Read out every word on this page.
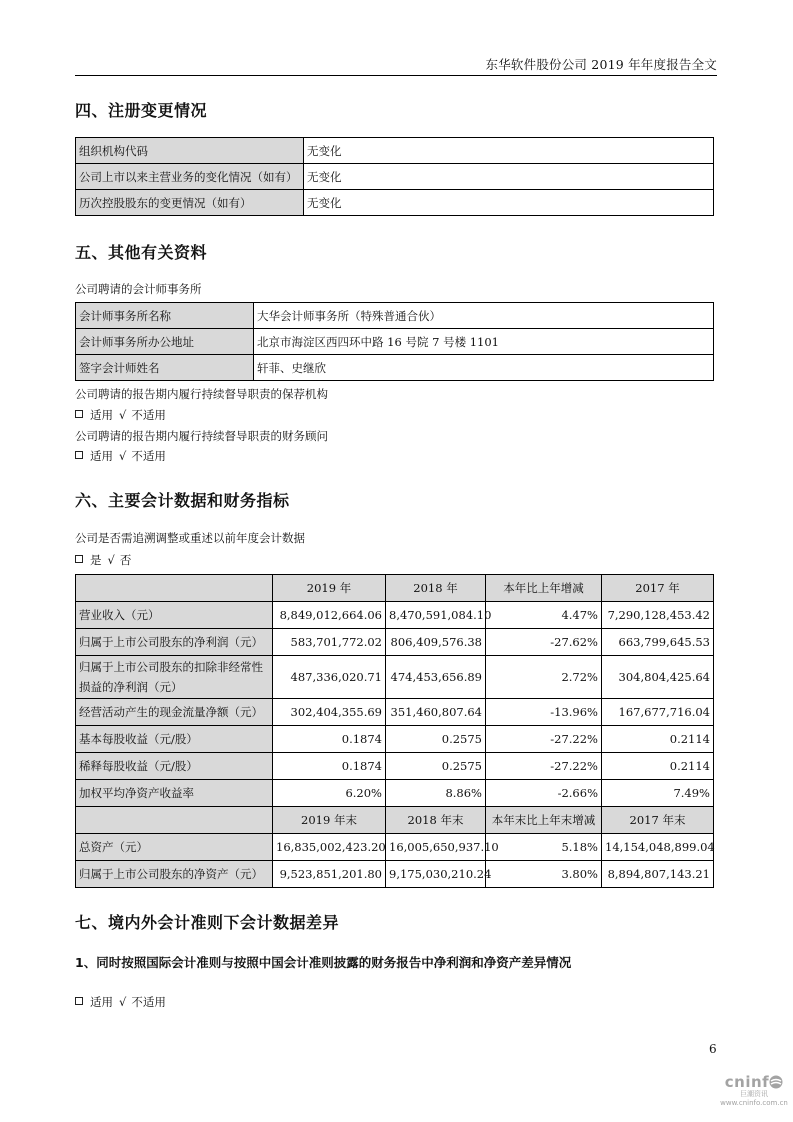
东华软件股份公司 2019 年年度报告全文
四、注册变更情况
组织机构代码	无变化
公司上市以来主营业务的变化情况（如有）	无变化
历次控股股东的变更情况（如有）	无变化
五、其他有关资料
公司聘请的会计师事务所
会计师事务所名称	大华会计师事务所（特殊普通合伙）
会计师事务所办公地址	北京市海淀区西四环中路 16 号院 7 号楼 1101
签字会计师姓名	轩菲、史继欣
公司聘请的报告期内履行持续督导职责的保荐机构
适用 √ 不适用
公司聘请的报告期内履行持续督导职责的财务顾问
适用 √ 不适用
六、主要会计数据和财务指标
公司是否需追溯调整或重述以前年度会计数据
是 √ 否
	2019 年	2018 年	本年比上年增减	2017 年
营业收入（元）	8,849,012,664.06	8,470,591,084.10	4.47%	7,290,128,453.42
归属于上市公司股东的净利润（元）	583,701,772.02	806,409,576.38	-27.62%	663,799,645.53
归属于上市公司股东的扣除非经常性损益的净利润（元）	487,336,020.71	474,453,656.89	2.72%	304,804,425.64
经营活动产生的现金流量净额（元）	302,404,355.69	351,460,807.64	-13.96%	167,677,716.04
基本每股收益（元/股）	0.1874	0.2575	-27.22%	0.2114
稀释每股收益（元/股）	0.1874	0.2575	-27.22%	0.2114
加权平均净资产收益率	6.20%	8.86%	-2.66%	7.49%
	2019 年末	2018 年末	本年末比上年末增减	2017 年末
总资产（元）	16,835,002,423.20	16,005,650,937.10	5.18%	14,154,048,899.04
归属于上市公司股东的净资产（元）	9,523,851,201.80	9,175,030,210.24	3.80%	8,894,807,143.21
七、境内外会计准则下会计数据差异
1、同时按照国际会计准则与按照中国会计准则披露的财务报告中净利润和净资产差异情况
适用 √ 不适用
6
cninf
巨潮资讯
www.cninfo.com.cn
